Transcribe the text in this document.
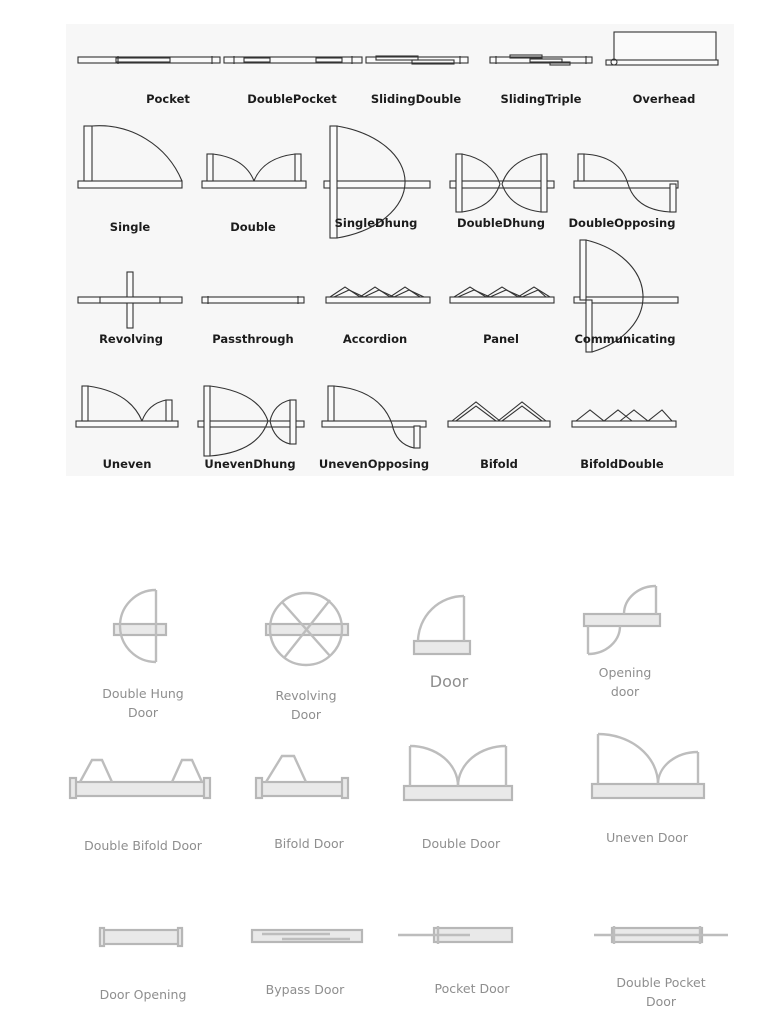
Pocket	DoublePocket	SlidingDouble	SlidingTriple	Overhead
Single	Double	SingleDhung	DoubleDhung DoubleOpposing
Revolving	Passthrough	Accordion	Panel	Communicating
Uneven	UnevenDhung UnevenOpposing	Bifold	BifoldDouble
Double Hung
Door
Revolving
Door
Door	Opening
door
Double Bifold Door	Bifold Door	Double Door	Uneven Door
Door Opening	Bypass Door	Pocket Door	Double Pocket
Door
